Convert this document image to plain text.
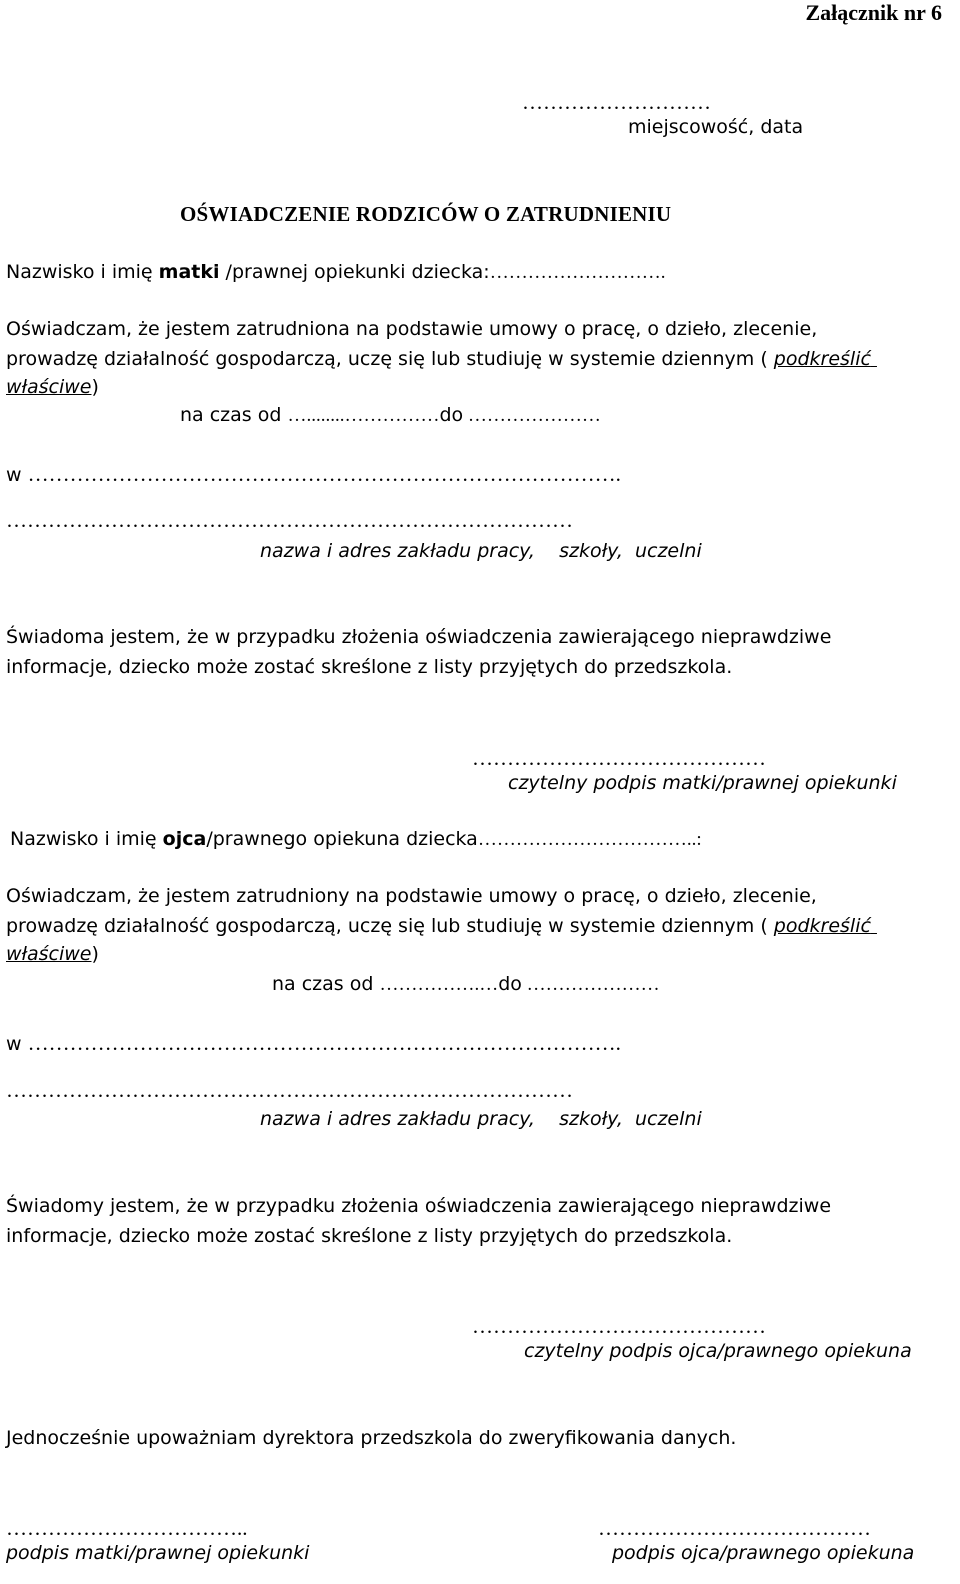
Załącznik nr 6
………………………
miejscowość, data
OŚWIADCZENIE RODZICÓW O ZATRUDNIENIU
Nazwisko i imię matki /prawnej opiekunki dziecka:……………………….
Oświadczam, że jestem zatrudniona na podstawie umowy o pracę, o dzieło, zlecenie,
prowadzę działalność gospodarczą, uczę się lub studiuję w systemie dziennym ( podkreślić
właściwe)
na czas od …........……………do …………………
w ………………………………………………………………………….
………………………………………………………………………
nazwa i adres zakładu pracy,    szkoły,  uczelni
Świadoma jestem, że w przypadku złożenia oświadczenia zawierającego nieprawdziwe
informacje, dziecko może zostać skreślone z listy przyjętych do przedszkola.
……………………………………
czytelny podpis matki/prawnej opiekunki
Nazwisko i imię ojca/prawnego opiekuna dziecka……………………………..:
Oświadczam, że jestem zatrudniony na podstawie umowy o pracę, o dzieło, zlecenie,
prowadzę działalność gospodarczą, uczę się lub studiuję w systemie dziennym ( podkreślić
właściwe)
na czas od …………….…do …………………
w ………………………………………………………………………….
………………………………………………………………………
nazwa i adres zakładu pracy,    szkoły,  uczelni
Świadomy jestem, że w przypadku złożenia oświadczenia zawierającego nieprawdziwe
informacje, dziecko może zostać skreślone z listy przyjętych do przedszkola.
……………………………………
czytelny podpis ojca/prawnego opiekuna
Jednocześnie upoważniam dyrektora przedszkola do zweryfikowania danych.
……………………………..
podpis matki/prawnej opiekunki
…………………………………
podpis ojca/prawnego opiekuna
